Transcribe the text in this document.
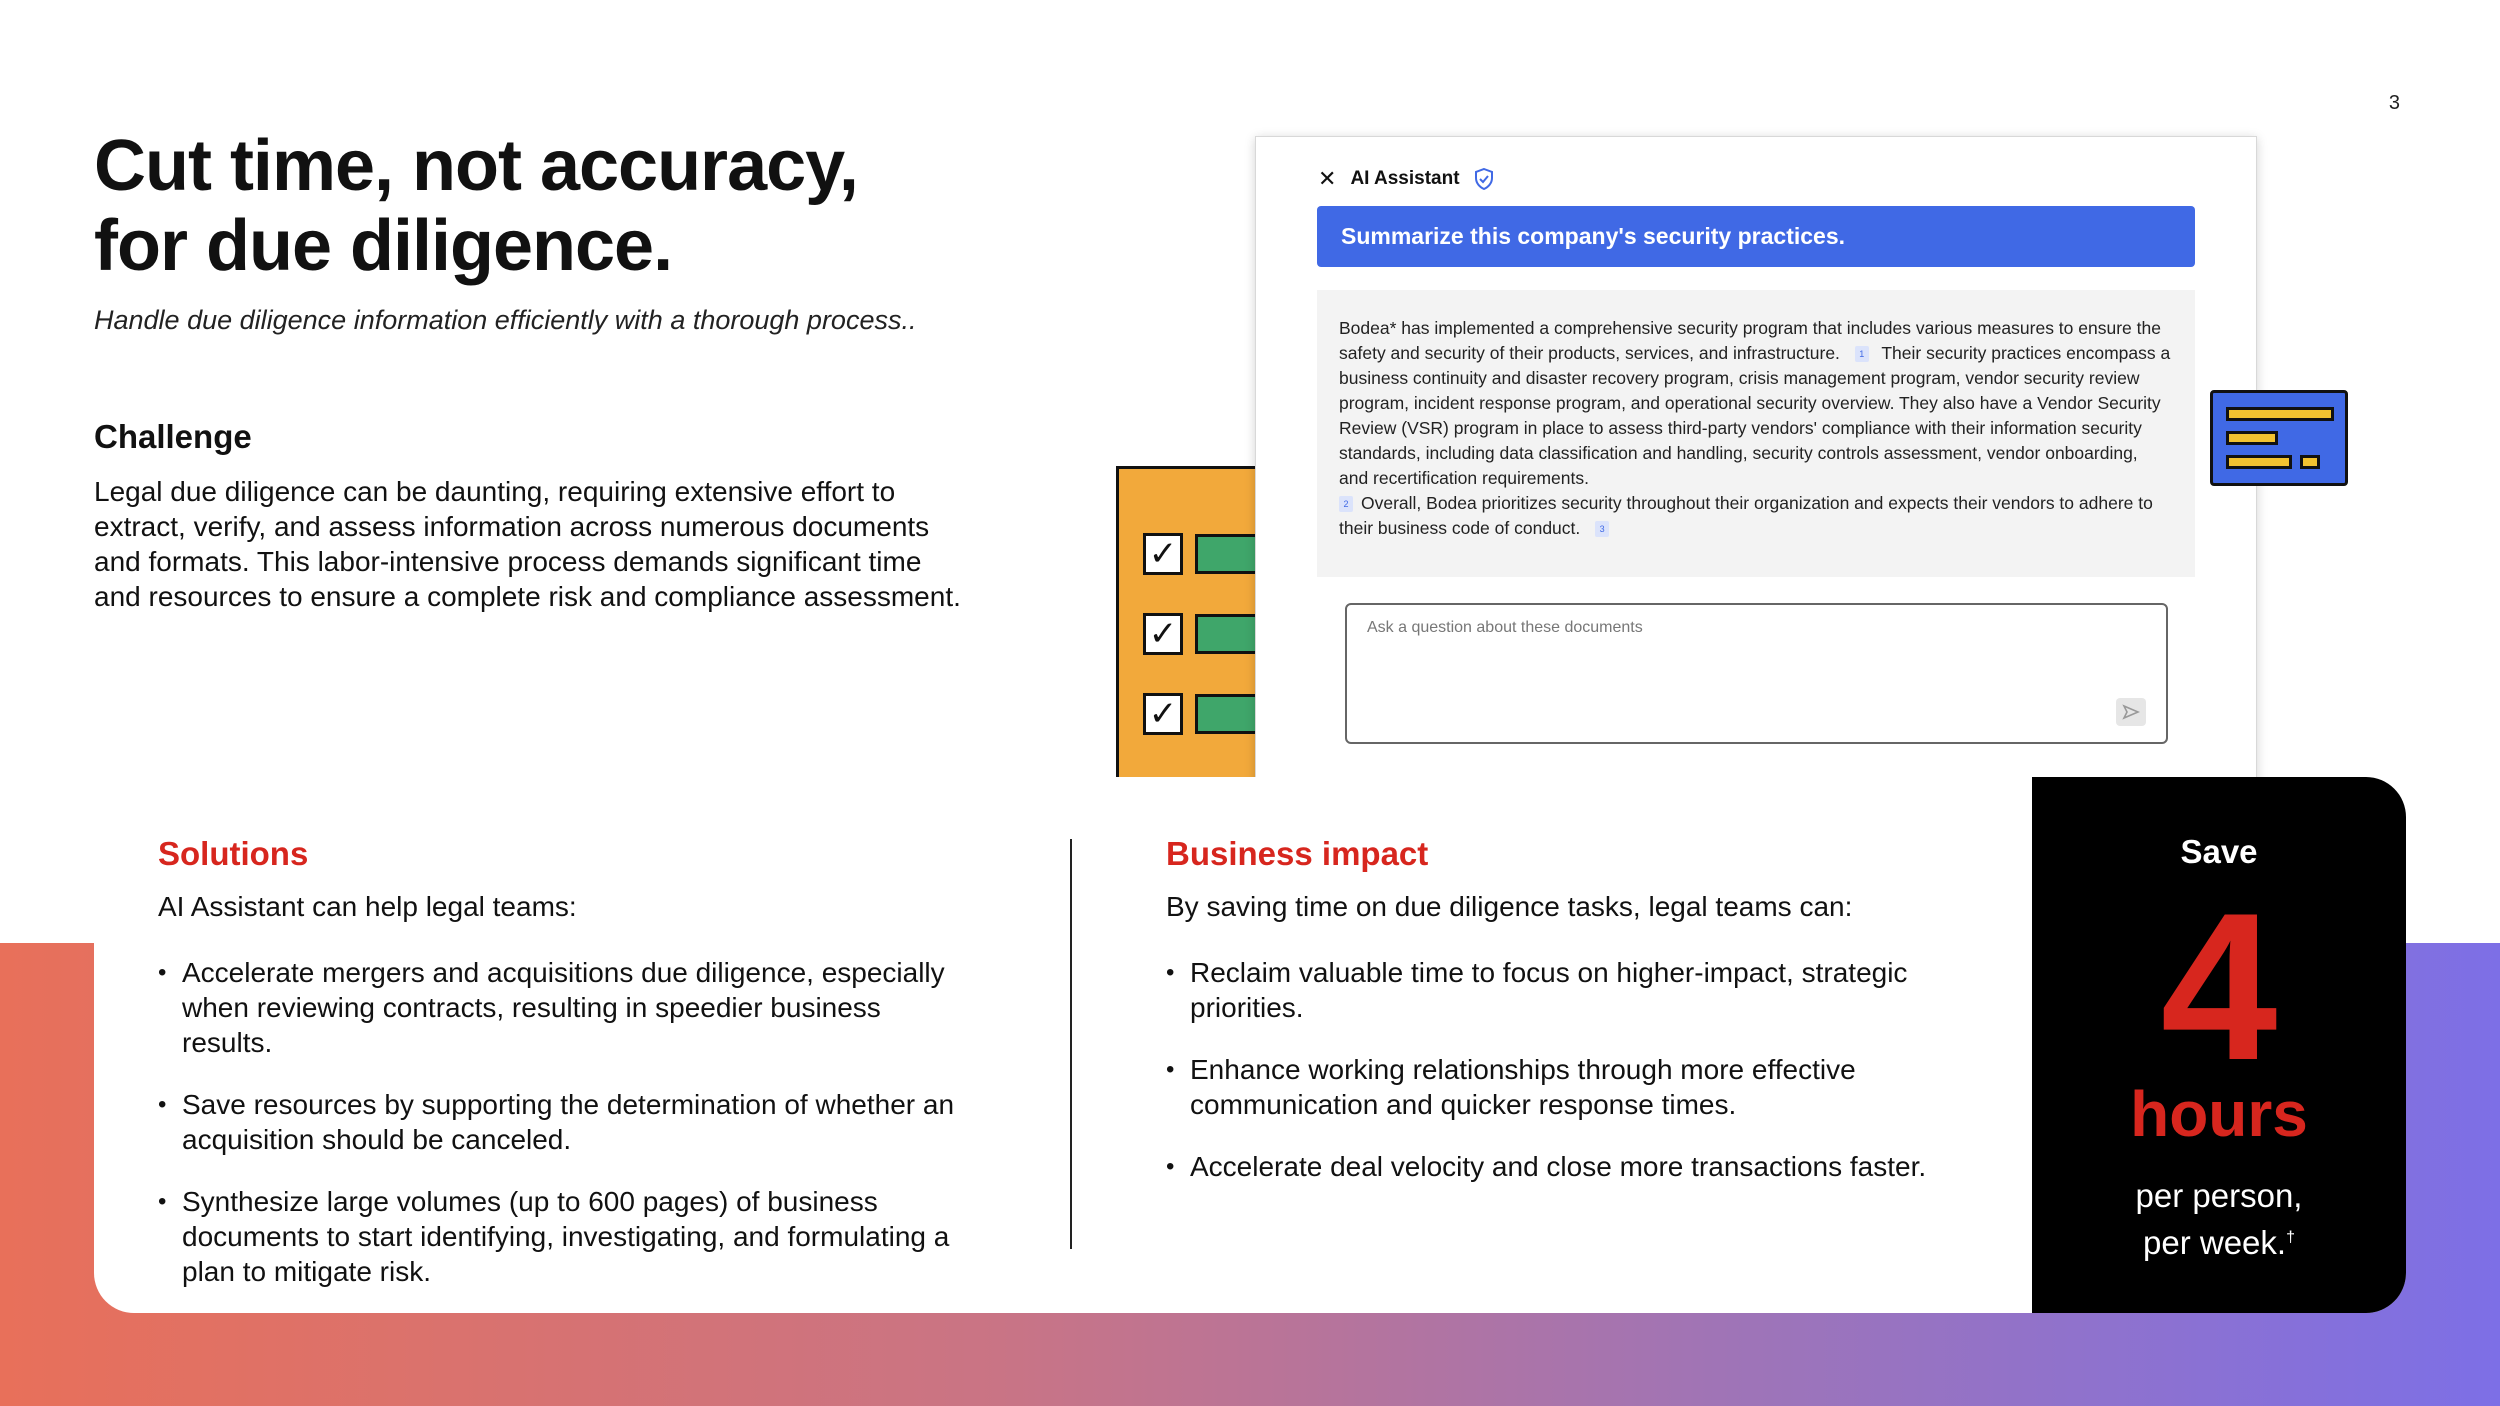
3
Cut time, not accuracy,
for due diligence.

Handle due diligence information efficiently with a thorough process..

Challenge

Legal due diligence can be daunting, requiring extensive effort to extract, verify, and assess information across numerous documents and formats. This labor-intensive process demands significant time and resources to ensure a complete risk and compliance assessment.

✓
✓
✓
✕ AI Assistant
Summarize this company's security practices.
Bodea* has implemented a comprehensive security program that includes various measures to ensure the safety and security of their products, services, and infrastructure. 1 Their security practices encompass a business continuity and disaster recovery program, crisis management program, vendor security review program, incident response program, and operational security overview. They also have a Vendor Security Review (VSR) program in place to assess third-party vendors' compliance with their information security standards, including data classification and handling, security controls assessment, vendor onboarding, and recertification requirements.
2 Overall, Bodea prioritizes security throughout their organization and expects their vendors to adhere to their business code of conduct. 3
Ask a question about these documents
Solutions

AI Assistant can help legal teams:

• Accelerate mergers and acquisitions due diligence, especially when reviewing contracts, resulting in speedier business results.
• Save resources by supporting the determination of whether an acquisition should be canceled.
• Synthesize large volumes (up to 600 pages) of business documents to start identifying, investigating, and formulating a plan to mitigate risk.
Business impact

By saving time on due diligence tasks, legal teams can:

• Reclaim valuable time to focus on higher-impact, strategic priorities.
• Enhance working relationships through more effective communication and quicker response times.
• Accelerate deal velocity and close more transactions faster.
Save
4
hours
per person,
per week.†
